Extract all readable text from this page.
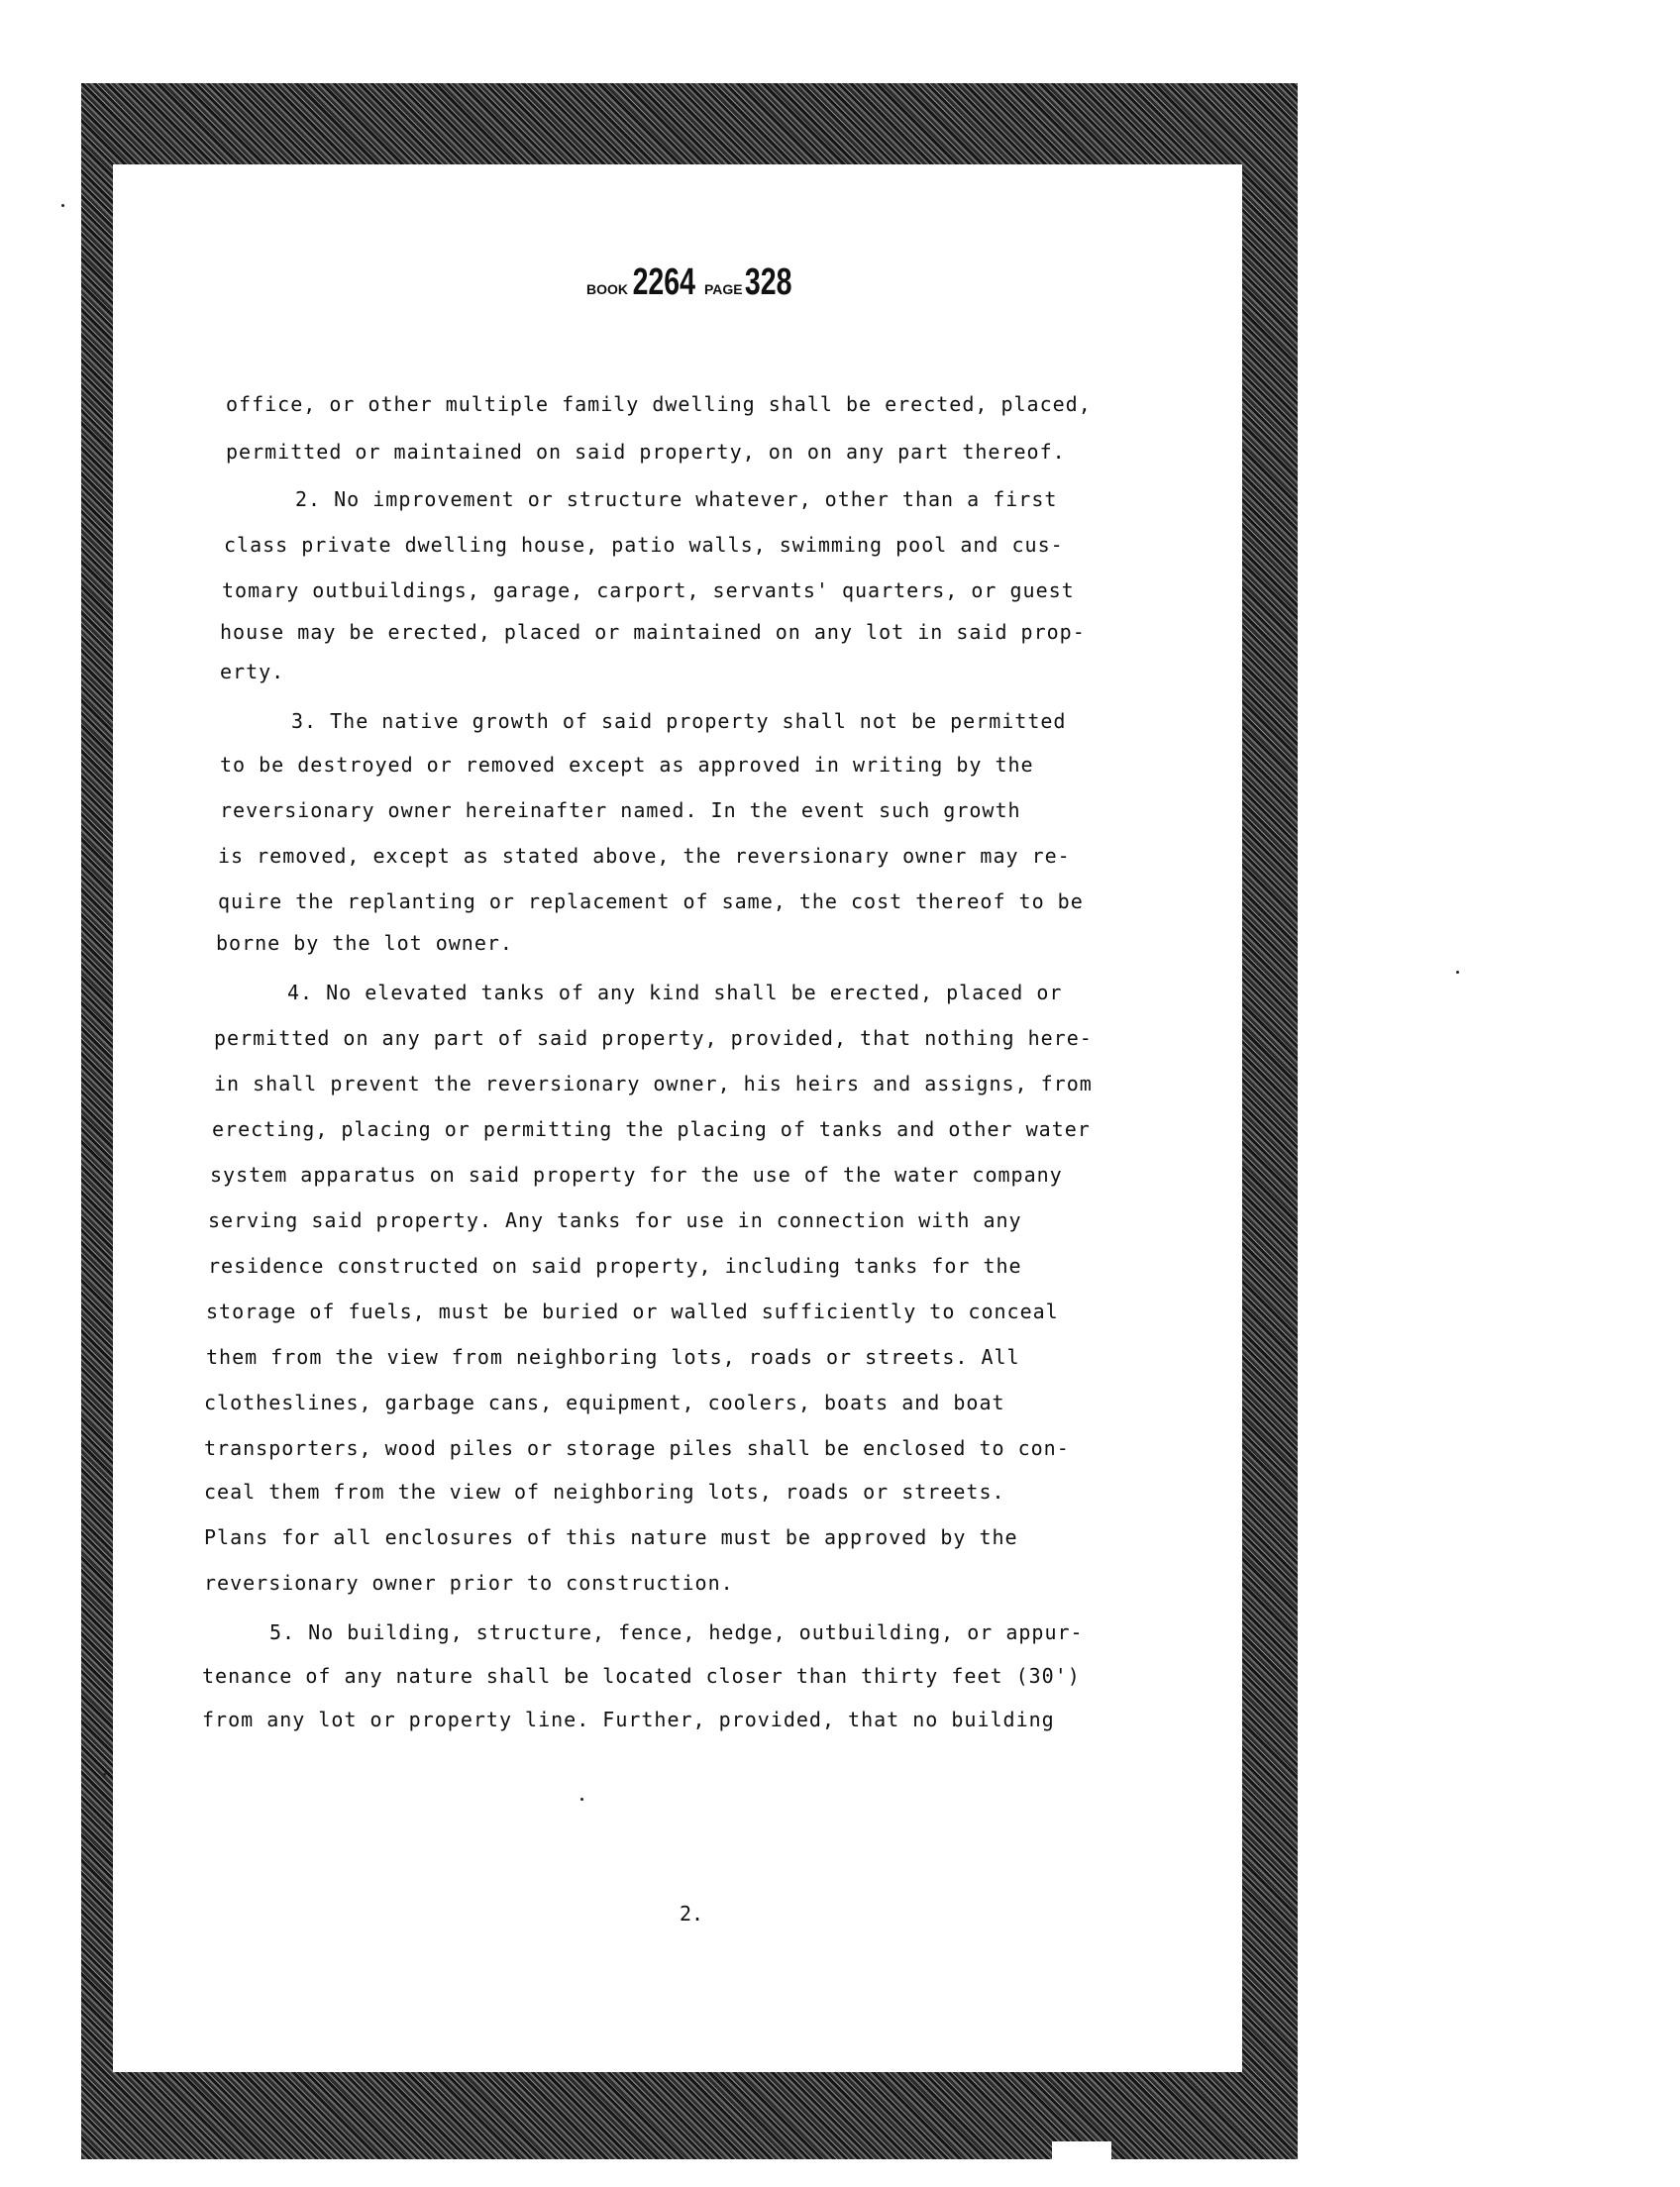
BOOK 2264 PAGE328
office, or other multiple family dwelling shall be erected, placed,
permitted or maintained on said property, on on any part thereof.
2. No improvement or structure whatever, other than a first
class private dwelling house, patio walls, swimming pool and cus-
tomary outbuildings, garage, carport, servants' quarters, or guest
house may be erected, placed or maintained on any lot in said prop-
erty.
3. The native growth of said property shall not be permitted
to be destroyed or removed except as approved in writing by the
reversionary owner hereinafter named. In the event such growth
is removed, except as stated above, the reversionary owner may re-
quire the replanting or replacement of same, the cost thereof to be
borne by the lot owner.
4. No elevated tanks of any kind shall be erected, placed or
permitted on any part of said property, provided, that nothing here-
in shall prevent the reversionary owner, his heirs and assigns, from
erecting, placing or permitting the placing of tanks and other water
system apparatus on said property for the use of the water company
serving said property. Any tanks for use in connection with any
residence constructed on said property, including tanks for the
storage of fuels, must be buried or walled sufficiently to conceal
them from the view from neighboring lots, roads or streets. All
clotheslines, garbage cans, equipment, coolers, boats and boat
transporters, wood piles or storage piles shall be enclosed to con-
ceal them from the view of neighboring lots, roads or streets.
Plans for all enclosures of this nature must be approved by the
reversionary owner prior to construction.
5. No building, structure, fence, hedge, outbuilding, or appur-
tenance of any nature shall be located closer than thirty feet (30')
from any lot or property line. Further, provided, that no building
2.
